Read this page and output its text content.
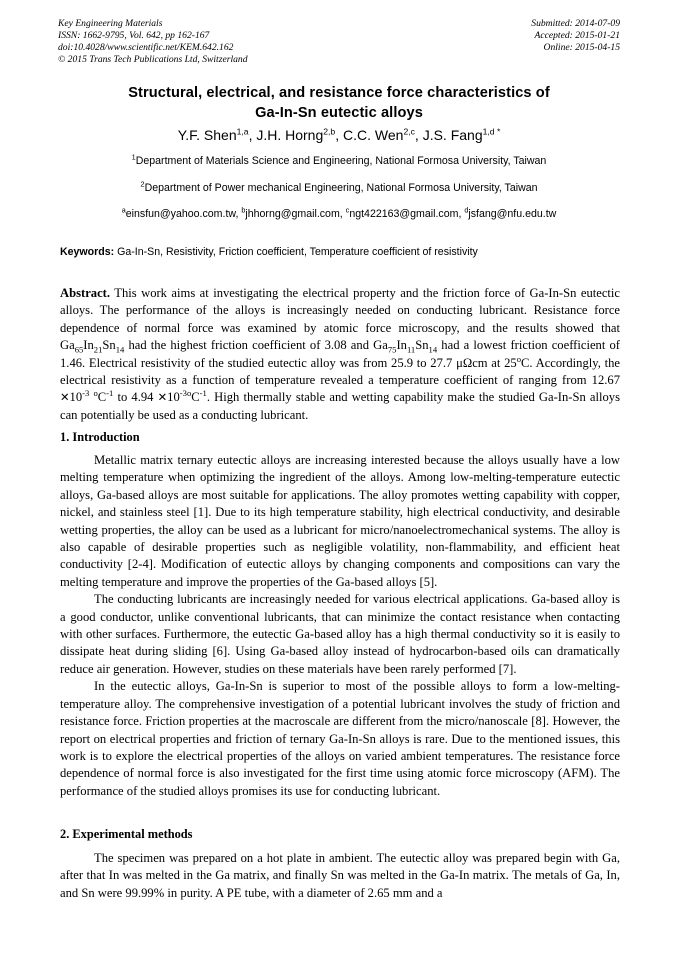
Key Engineering Materials
ISSN: 1662-9795, Vol. 642, pp 162-167
doi:10.4028/www.scientific.net/KEM.642.162
© 2015 Trans Tech Publications Ltd, Switzerland
Submitted: 2014-07-09
Accepted: 2015-01-21
Online: 2015-04-15
Structural, electrical, and resistance force characteristics of
Ga-In-Sn eutectic alloys
Y.F. Shen$^{1,a}$, J.H. Horng$^{2,b}$, C.C. Wen$^{2,c}$, J.S. Fang$^{1,d *}$
$^1$Department of Materials Science and Engineering, National Formosa University, Taiwan
$^2$Department of Power mechanical Engineering, National Formosa University, Taiwan
$^a$einsfun@yahoo.com.tw, $^b$jhhorng@gmail.com, $^c$ngt422163@gmail.com, $^d$jsfang@nfu.edu.tw
Keywords: Ga-In-Sn, Resistivity, Friction coefficient, Temperature coefficient of resistivity

Abstract. This work aims at investigating the electrical property and the friction force of Ga-In-Sn eutectic alloys. The performance of the alloys is increasingly needed on conducting lubricant. Resistance force dependence of normal force was examined by atomic force microscopy, and the results showed that $Ga_{65}In_{21}Sn_{14}$ had the highest friction coefficient of 3.08 and $Ga_{75}In_{11}Sn_{14}$ had a lowest friction coefficient of 1.46. Electrical resistivity of the studied eutectic alloy was from 25.9 to 27.7 μΩcm at 25$^o$C. Accordingly, the electrical resistivity as a function of temperature revealed a temperature coefficient of ranging from 12.67 $✕10^{-3}$ $^oC^{-1}$ to 4.94 $✕10^{-3o}C^{-1}$. High thermally stable and wetting capability make the studied Ga-In-Sn alloys can potentially be used as a conducting lubricant.

1. Introduction

Metallic matrix ternary eutectic alloys are increasing interested because the alloys usually have a low melting temperature when optimizing the ingredient of the alloys. Among low-melting-temperature eutectic alloys, Ga-based alloys are most suitable for applications. The alloy promotes wetting capability with copper, nickel, and stainless steel [1]. Due to its high temperature stability, high electrical conductivity, and desirable wetting properties, the alloy can be used as a lubricant for micro/nanoelectromechanical systems. The alloy is also capable of desirable properties such as negligible volatility, non-flammability, and efficient heat conductivity [2-4]. Modification of eutectic alloys by changing components and compositions can vary the melting temperature and improve the properties of the Ga-based alloys [5].

The conducting lubricants are increasingly needed for various electrical applications. Ga-based alloy is a good conductor, unlike conventional lubricants, that can minimize the contact resistance when contacting with other surfaces. Furthermore, the eutectic Ga-based alloy has a high thermal conductivity so it is easily to dissipate heat during sliding [6]. Using Ga-based alloy instead of hydrocarbon-based oils can dramatically reduce air generation. However, studies on these materials have been rarely performed [7].

In the eutectic alloys, Ga-In-Sn is superior to most of the possible alloys to form a low-melting-temperature alloy. The comprehensive investigation of a potential lubricant involves the study of friction and resistance force. Friction properties at the macroscale are different from the micro/nanoscale [8]. However, the report on electrical properties and friction of ternary Ga-In-Sn alloys is rare. Due to the mentioned issues, this work is to explore the electrical properties of the alloys on varied ambient temperatures. The resistance force dependence of normal force is also investigated for the first time using atomic force microscopy (AFM). The performance of the studied alloys promises its use for conducting lubricant.

2. Experimental methods

The specimen was prepared on a hot plate in ambient. The eutectic alloy was prepared begin with Ga, after that In was melted in the Ga matrix, and finally Sn was melted in the Ga-In matrix. The metals of Ga, In, and Sn were 99.99% in purity. A PE tube, with a diameter of 2.65 mm and a
